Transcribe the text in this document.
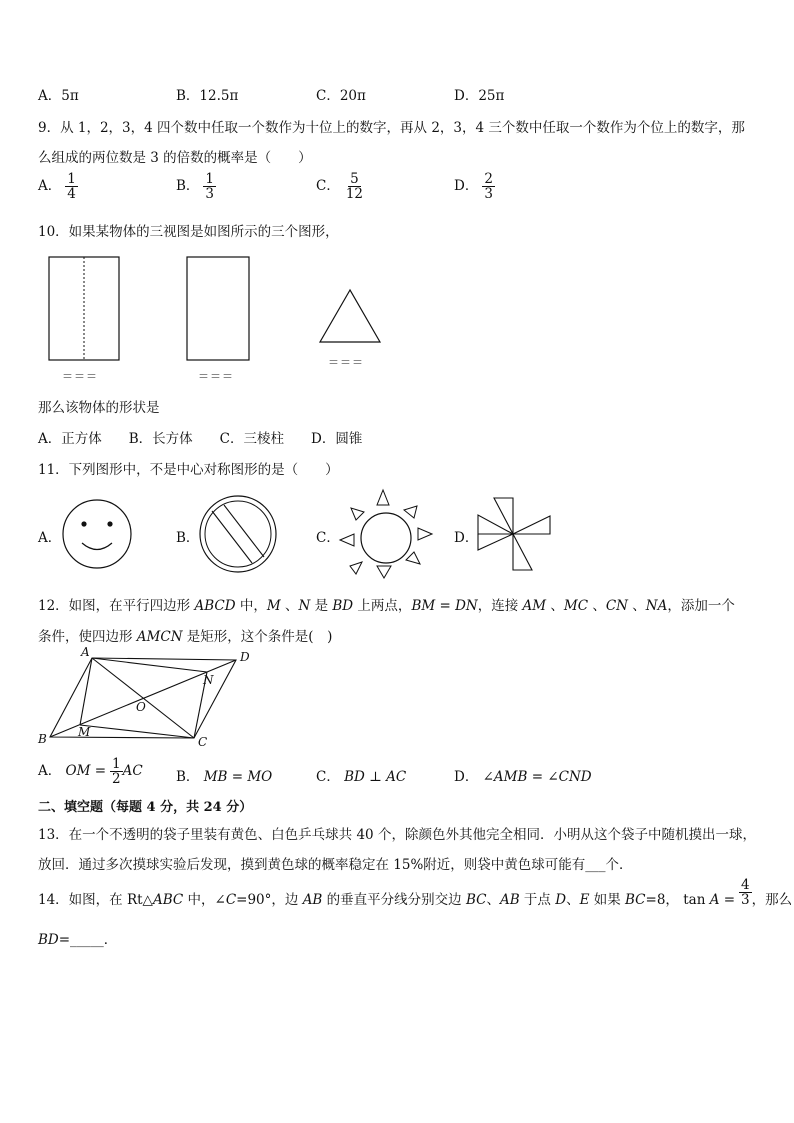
A．5π	B．12.5π	C．20π	D．25π
9．从 1，2，3，4 四个数中任取一个数作为十位上的数字，再从 2，3，4 三个数中任取一个数作为个位上的数字，那
么组成的两位数是 3 的倍数的概率是（　　）
A． $\frac{1}{4}$	B． $\frac{1}{3}$	C． $\frac{5}{12}$	D． $\frac{2}{3}$
10．如果某物体的三视图是如图所示的三个图形，
＝＝＝	＝＝＝
＝＝＝
那么该物体的形状是
A．正方体　　B．长方体　　C．三棱柱　　D．圆锥
11．下列图形中，不是中心对称图形的是（　　）
A．	B．	C．	D．
12．如图，在平行四边形 ABCD 中，M 、N 是 BD 上两点，BM = DN，连接 AM 、MC 、CN 、NA，添加一个
条件，使四边形 AMCN 是矩形，这个条件是(　)
A	D
N
O
M
B	C
A． OM = $\frac{1}{2}$ AC B． MB = MO	C． BD ⊥ AC	D． ∠AMB = ∠CND
二、填空题（每题 4 分，共 24 分）
13．在一个不透明的袋子里装有黄色、白色乒乓球共 40 个，除颜色外其他完全相同．小明从这个袋子中随机摸出一球，
放回．通过多次摸球实验后发现，摸到黄色球的概率稳定在 15%附近，则袋中黄色球可能有___个．
14．如图，在 Rt△ABC 中，∠C=90°，边 AB 的垂直平分线分别交边 BC、AB 于点 D、E 如果 BC=8， $\tan A = \frac{4}{3}$ ，那么
BD=_____．
